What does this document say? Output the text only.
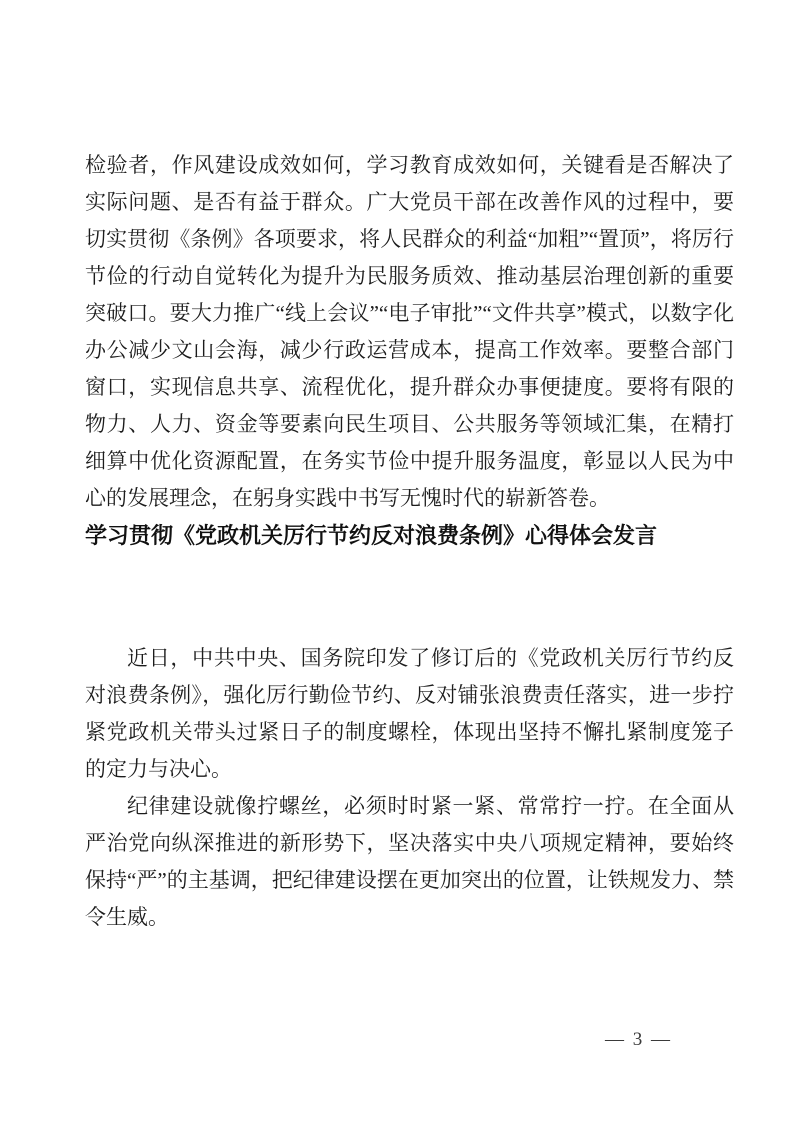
检验者，作风建设成效如何，学习教育成效如何，关键看是否解决了实际问题、是否有益于群众。广大党员干部在改善作风的过程中，要切实贯彻《条例》各项要求，将人民群众的利益“加粗”“置顶”，将厉行节俭的行动自觉转化为提升为民服务质效、推动基层治理创新的重要突破口。要大力推广“线上会议”“电子审批”“文件共享”模式，以数字化办公减少文山会海，减少行政运营成本，提高工作效率。要整合部门窗口，实现信息共享、流程优化，提升群众办事便捷度。要将有限的物力、人力、资金等要素向民生项目、公共服务等领域汇集，在精打细算中优化资源配置，在务实节俭中提升服务温度，彰显以人民为中心的发展理念，在躬身实践中书写无愧时代的崭新答卷。

学习贯彻《党政机关厉行节约反对浪费条例》心得体会发言

近日，中共中央、国务院印发了修订后的《党政机关厉行节约反对浪费条例》，强化厉行勤俭节约、反对铺张浪费责任落实，进一步拧紧党政机关带头过紧日子的制度螺栓，体现出坚持不懈扎紧制度笼子的定力与决心。

纪律建设就像拧螺丝，必须时时紧一紧、常常拧一拧。在全面从严治党向纵深推进的新形势下，坚决落实中央八项规定精神，要始终保持“严”的主基调，把纪律建设摆在更加突出的位置，让铁规发力、禁令生威。

— 3 —
